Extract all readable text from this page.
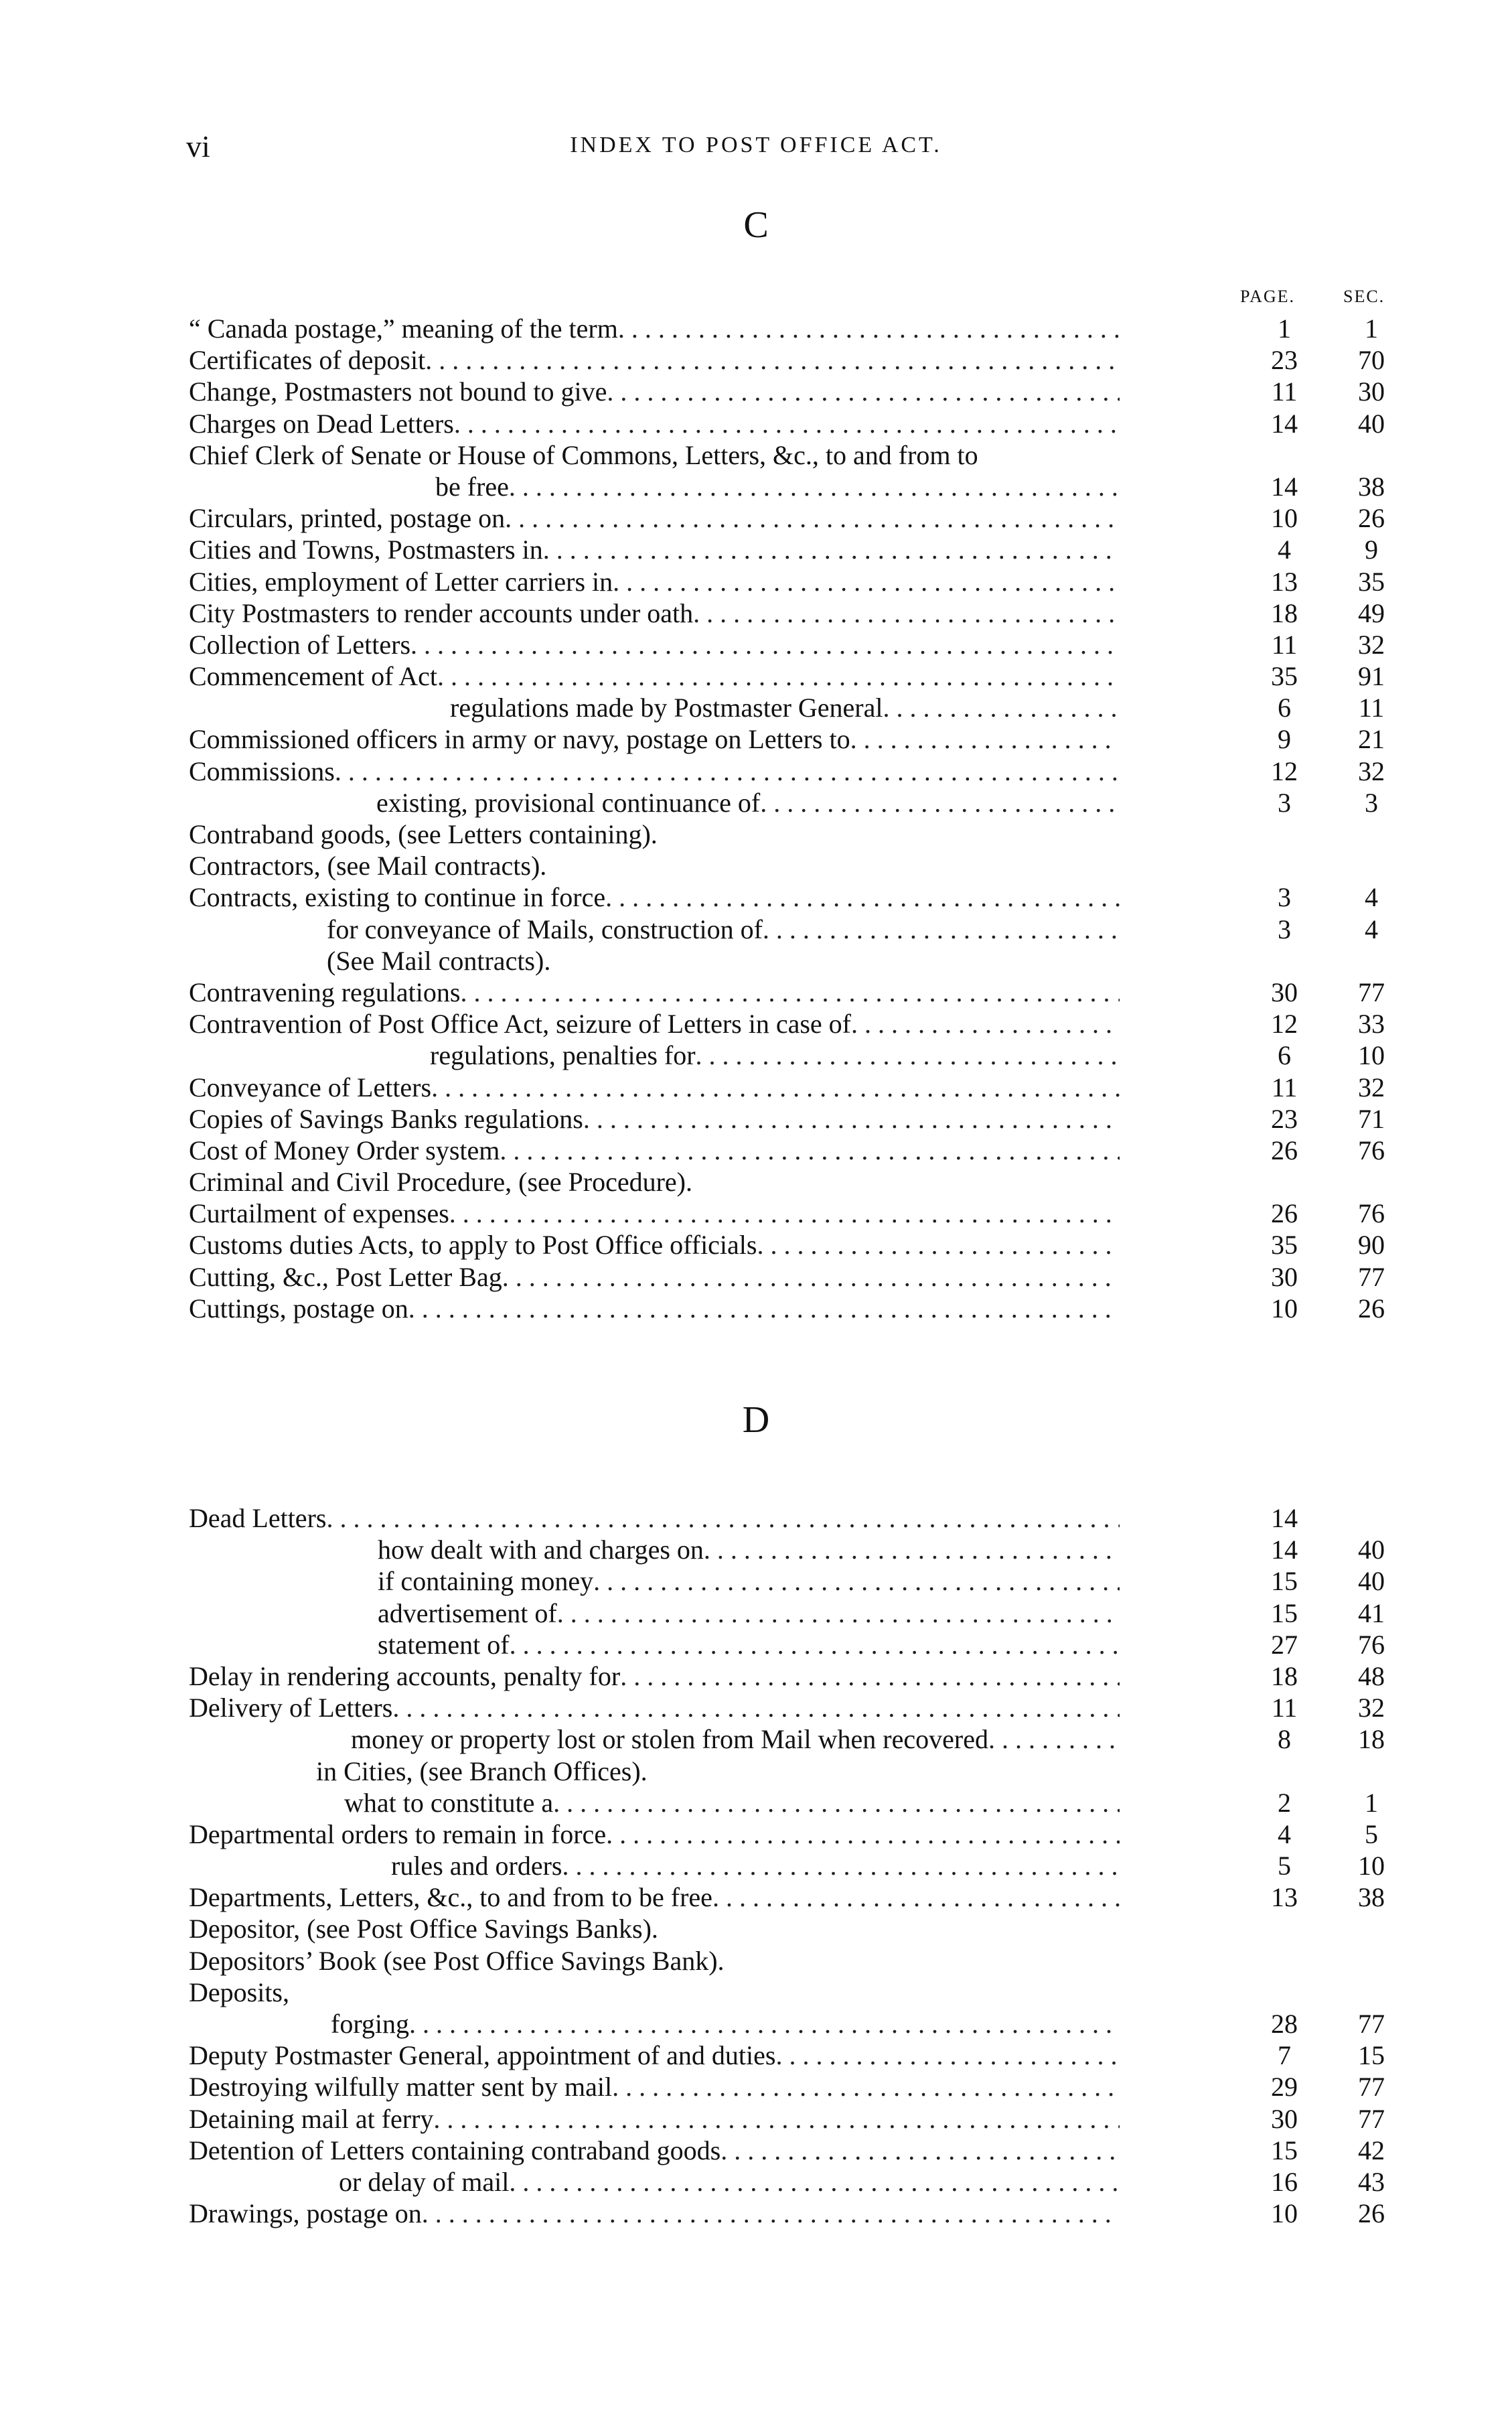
vi	INDEX TO POST OFFICE ACT.
C
PAGE.	SEC.
“ Canada postage,” meaning of the term . . .	1	1
Certificates of deposit . . .	23	70
Change, Postmasters not bound to give . . .	11	30
Charges on Dead Letters . . .	14	40
Chief Clerk of Senate or House of Commons, Letters, &c., to and from to
be free . . .	14	38
Circulars, printed, postage on . . .	10	26
Cities and Towns, Postmasters in . . .	4	9
Cities, employment of Letter carriers in . . .	13	35
City Postmasters to render accounts under oath . . .	18	49
Collection of Letters . . .	11	32
Commencement of Act . . .	35	91
regulations made by Postmaster General . . .	6	11
Commissioned officers in army or navy, postage on Letters to . . .	9	21
Commissions . . .	12	32
existing, provisional continuance of . . .	3	3
Contraband goods, (see Letters containing).
Contractors, (see Mail contracts).
Contracts, existing to continue in force . . .	3	4
for conveyance of Mails, construction of . . .	3	4
(See Mail contracts).
Contravening regulations . . .	30	77
Contravention of Post Office Act, seizure of Letters in case of . . .	12	33
regulations, penalties for . . .	6	10
Conveyance of Letters . . .	11	32
Copies of Savings Banks regulations . . .	23	71
Cost of Money Order system . . .	26	76
Criminal and Civil Procedure, (see Procedure).
Curtailment of expenses . . .	26	76
Customs duties Acts, to apply to Post Office officials . . .	35	90
Cutting, &c., Post Letter Bag . . .	30	77
Cuttings, postage on . . .	10	26
D
Dead Letters . . .	14
how dealt with and charges on . . .	14	40
if containing money . . .	15	40
advertisement of . . .	15	41
statement of . . .	27	76
Delay in rendering accounts, penalty for . . .	18	48
Delivery of Letters . . .	11	32
money or property lost or stolen from Mail when recovered . . .	8	18
in Cities, (see Branch Offices).
what to constitute a . . .	2	1
Departmental orders to remain in force . . .	4	5
rules and orders . . .	5	10
Departments, Letters, &c., to and from to be free . . .	13	38
Depositor, (see Post Office Savings Banks).
Depositors’ Book (see Post Office Savings Bank).
Deposits,
forging . . .	28	77
Deputy Postmaster General, appointment of and duties . . .	7	15
Destroying wilfully matter sent by mail . . .	29	77
Detaining mail at ferry . . .	30	77
Detention of Letters containing contraband goods . . .	15	42
or delay of mail . . .	16	43
Drawings, postage on . . .	10	26
